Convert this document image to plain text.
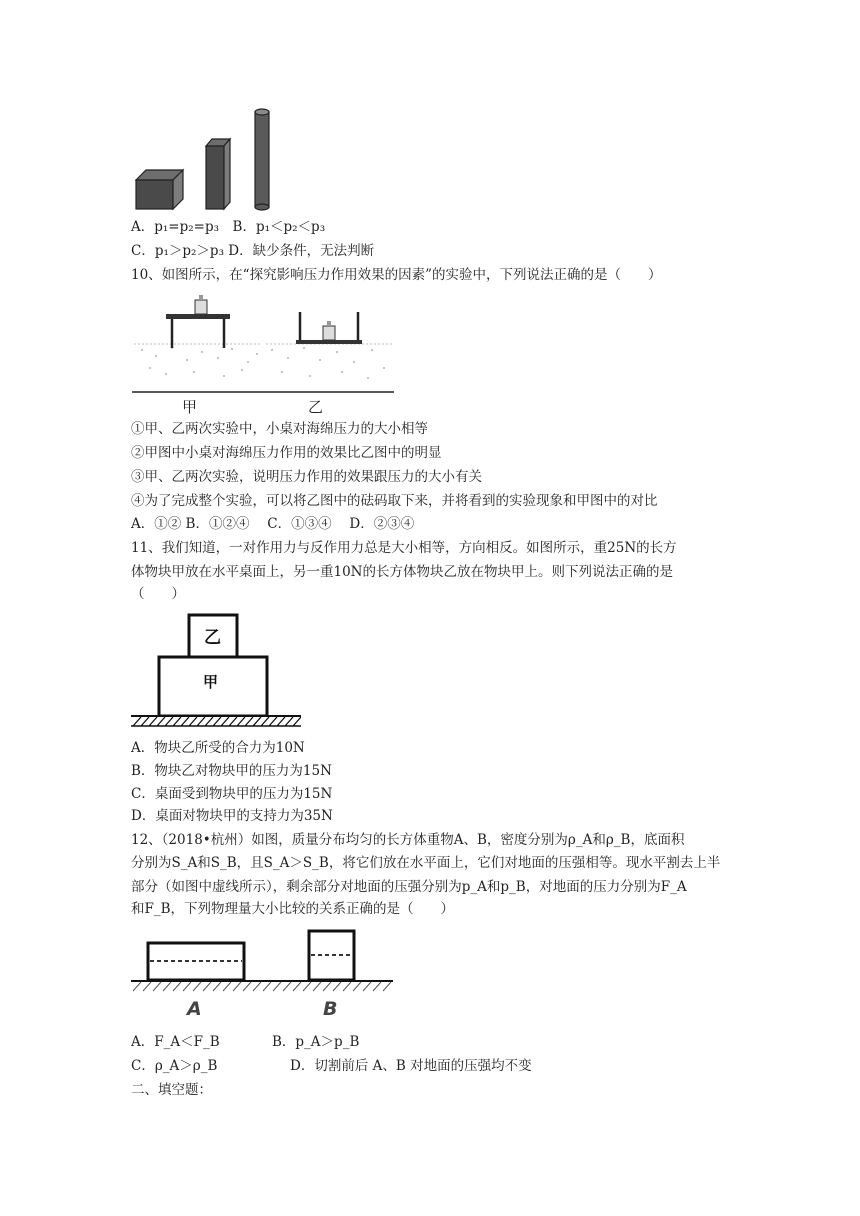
A．p₁=p₂=p₃　B．p₁＜p₂＜p₃
C．p₁＞p₂＞p₃ D．缺少条件，无法判断
10、如图所示，在“探究影响压力作用效果的因素”的实验中，下列说法正确的是（　　）
甲	乙
①甲、乙两次实验中，小桌对海绵压力的大小相等
②甲图中小桌对海绵压力作用的效果比乙图中的明显
③甲、乙两次实验，说明压力作用的效果跟压力的大小有关
④为了完成整个实验，可以将乙图中的砝码取下来，并将看到的实验现象和甲图中的对比
A．①② B．①②④　 C．①③④　 D．②③④
11、我们知道，一对作用力与反作用力总是大小相等，方向相反。如图所示，重25N的长方
体物块甲放在水平桌面上，另一重10N的长方体物块乙放在物块甲上。则下列说法正确的是
（　　）
乙
甲
A．物块乙所受的合力为10N
B．物块乙对物块甲的压力为15N
C．桌面受到物块甲的压力为15N
D．桌面对物块甲的支持力为35N
12、（2018•杭州）如图，质量分布均匀的长方体重物A、B，密度分别为ρ_A和ρ_B，底面积
分别为S_A和S_B，且S_A＞S_B，将它们放在水平面上，它们对地面的压强相等。现水平割去上半
部分（如图中虚线所示），剩余部分对地面的压强分别为p_A和p_B，对地面的压力分别为F_A
和F_B，下列物理量大小比较的关系正确的是（　　）
A	B
A．F_A＜F_B	B．p_A＞p_B
C．ρ_A＞ρ_B	D．切割前后 A、B 对地面的压强均不变
二、填空题：
